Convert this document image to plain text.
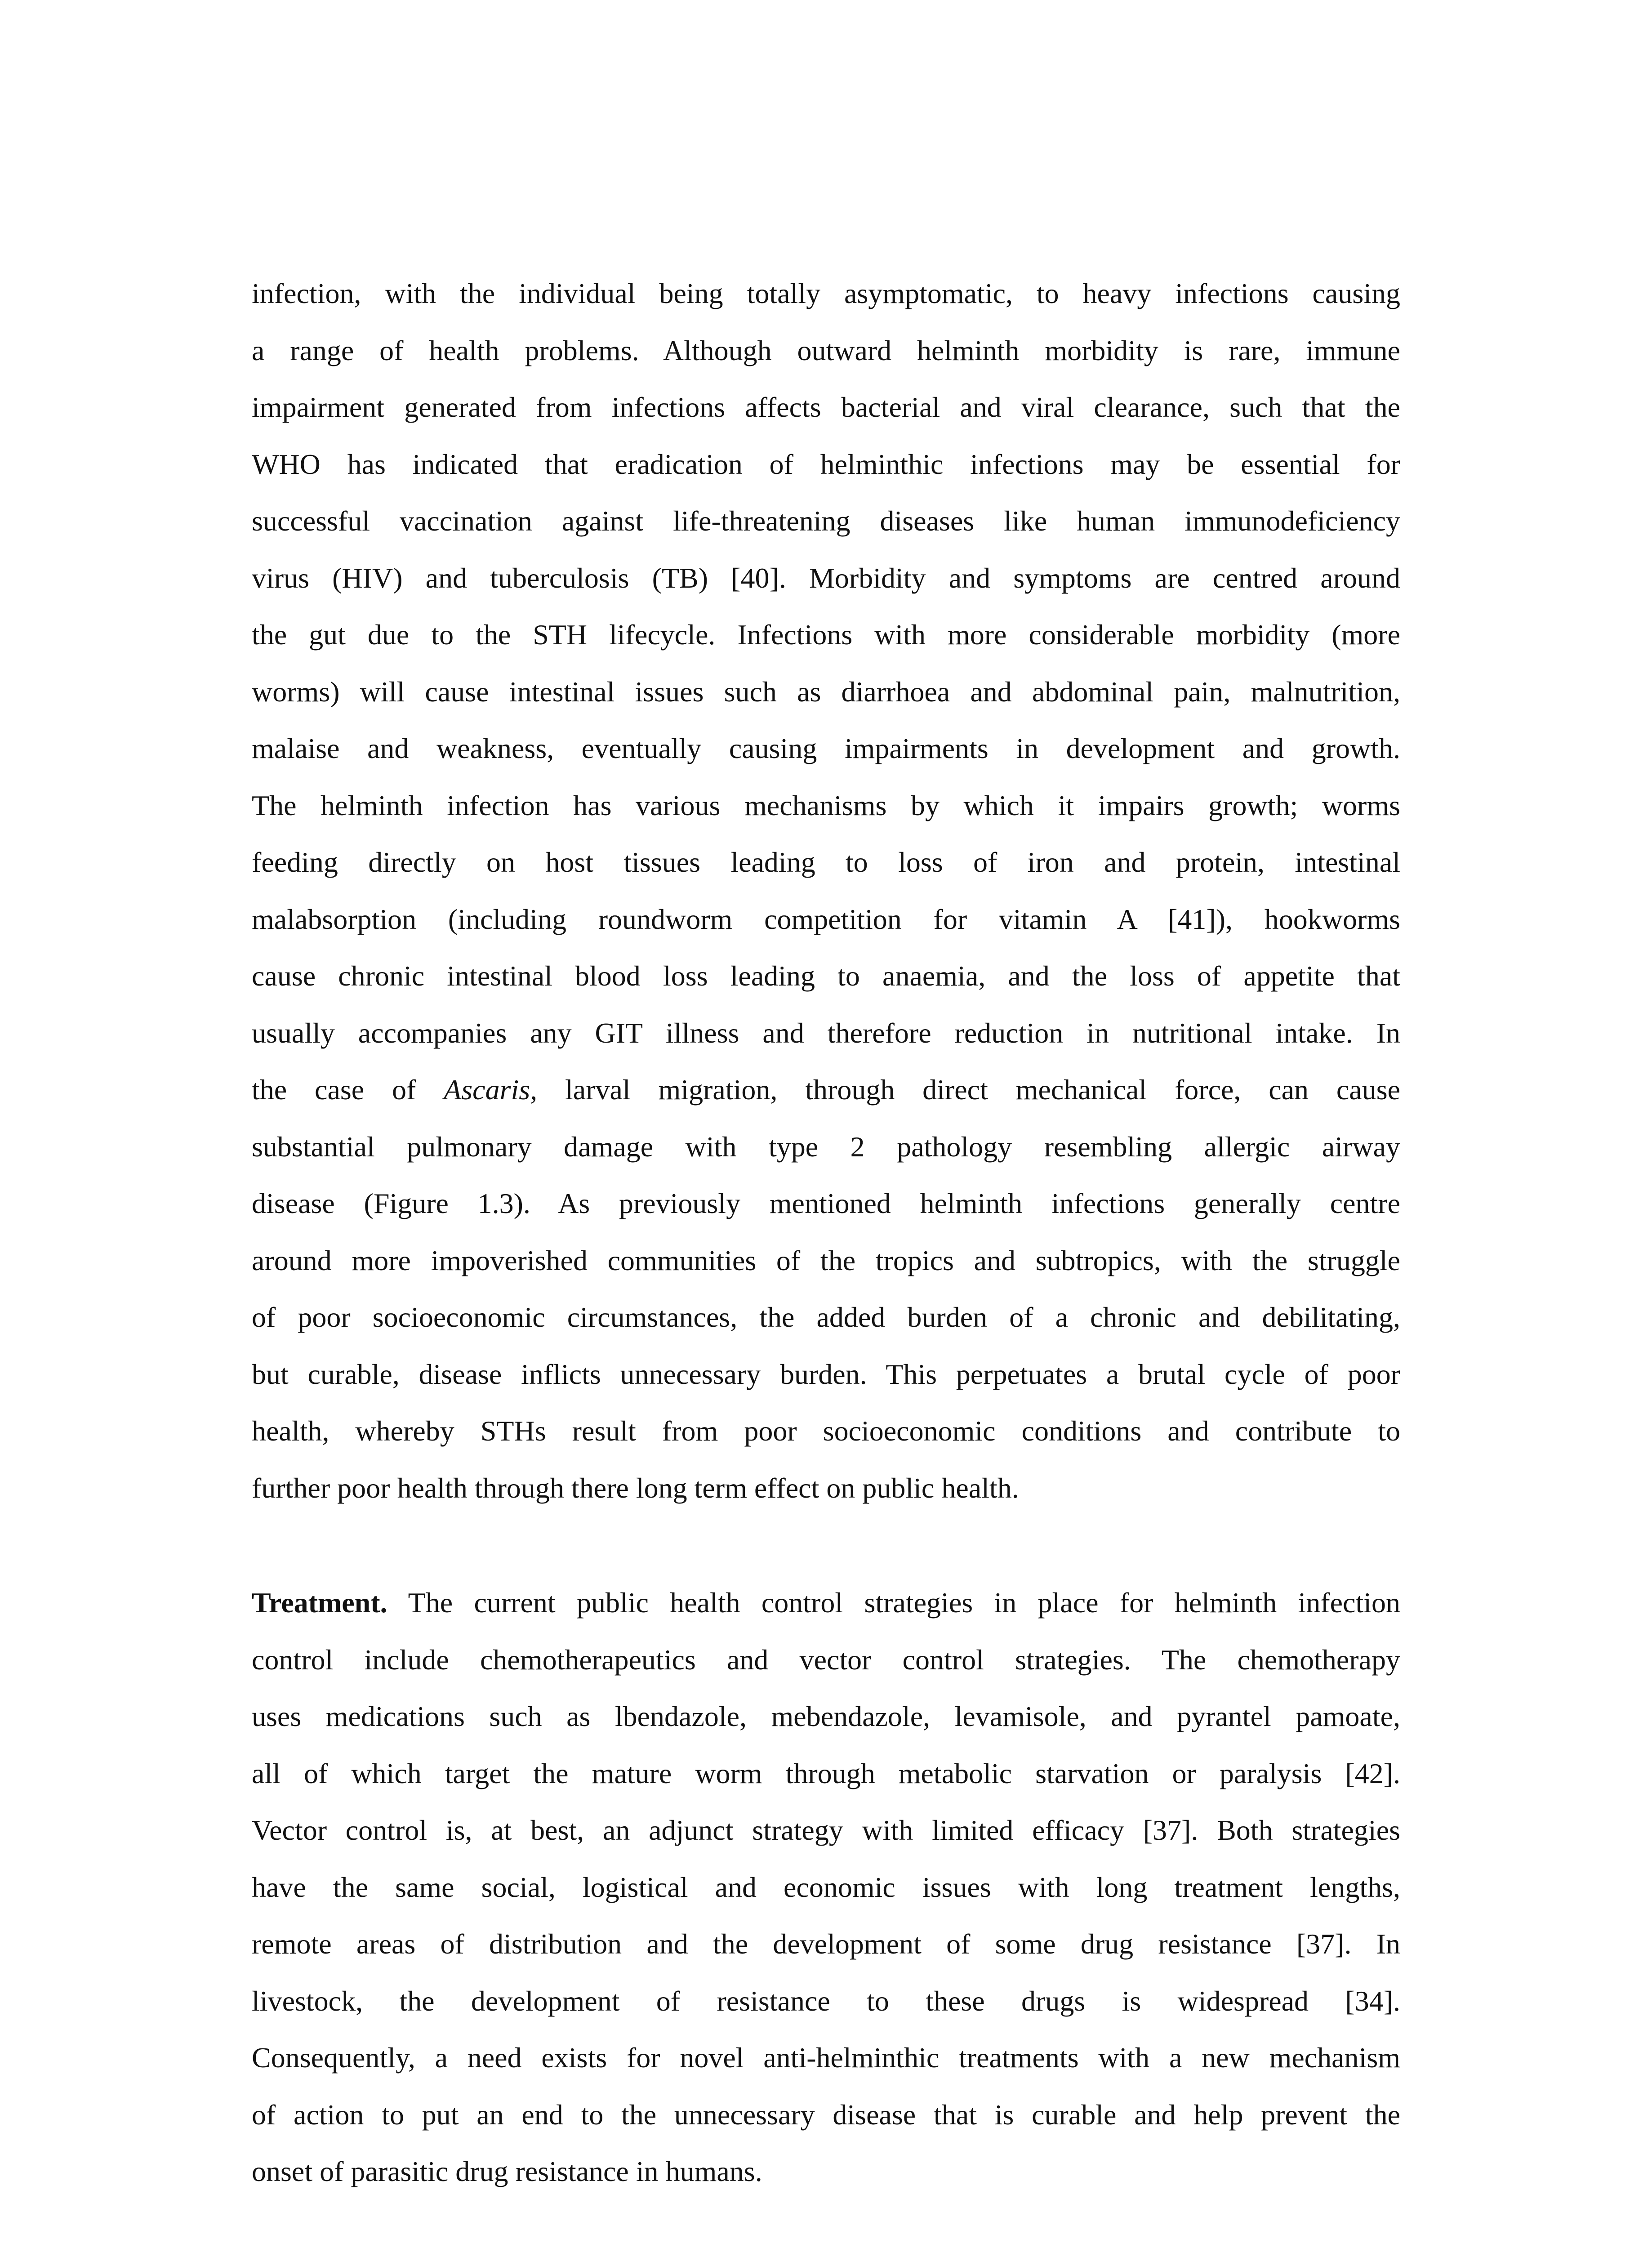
infection, with the individual being totally asymptomatic, to heavy infections causing
a range of health problems. Although outward helminth morbidity is rare, immune
impairment generated from infections affects bacterial and viral clearance, such that the
WHO has indicated that eradication of helminthic infections may be essential for
successful vaccination against life-threatening diseases like human immunodeficiency
virus (HIV) and tuberculosis (TB) [40]. Morbidity and symptoms are centred around
the gut due to the STH lifecycle. Infections with more considerable morbidity (more
worms) will cause intestinal issues such as diarrhoea and abdominal pain, malnutrition,
malaise and weakness, eventually causing impairments in development and growth.
The helminth infection has various mechanisms by which it impairs growth; worms
feeding directly on host tissues leading to loss of iron and protein, intestinal
malabsorption (including roundworm competition for vitamin A [41]), hookworms
cause chronic intestinal blood loss leading to anaemia, and the loss of appetite that
usually accompanies any GIT illness and therefore reduction in nutritional intake. In
the case of Ascaris, larval migration, through direct mechanical force, can cause
substantial pulmonary damage with type 2 pathology resembling allergic airway
disease (Figure 1.3). As previously mentioned helminth infections generally centre
around more impoverished communities of the tropics and subtropics, with the struggle
of poor socioeconomic circumstances, the added burden of a chronic and debilitating,
but curable, disease inflicts unnecessary burden. This perpetuates a brutal cycle of poor
health, whereby STHs result from poor socioeconomic conditions and contribute to
further poor health through there long term effect on public health.
Treatment. The current public health control strategies in place for helminth infection
control include chemotherapeutics and vector control strategies. The chemotherapy
uses medications such as lbendazole, mebendazole, levamisole, and pyrantel pamoate,
all of which target the mature worm through metabolic starvation or paralysis [42].
Vector control is, at best, an adjunct strategy with limited efficacy [37]. Both strategies
have the same social, logistical and economic issues with long treatment lengths,
remote areas of distribution and the development of some drug resistance [37]. In
livestock, the development of resistance to these drugs is widespread [34].
Consequently, a need exists for novel anti-helminthic treatments with a new mechanism
of action to put an end to the unnecessary disease that is curable and help prevent the
onset of parasitic drug resistance in humans.
